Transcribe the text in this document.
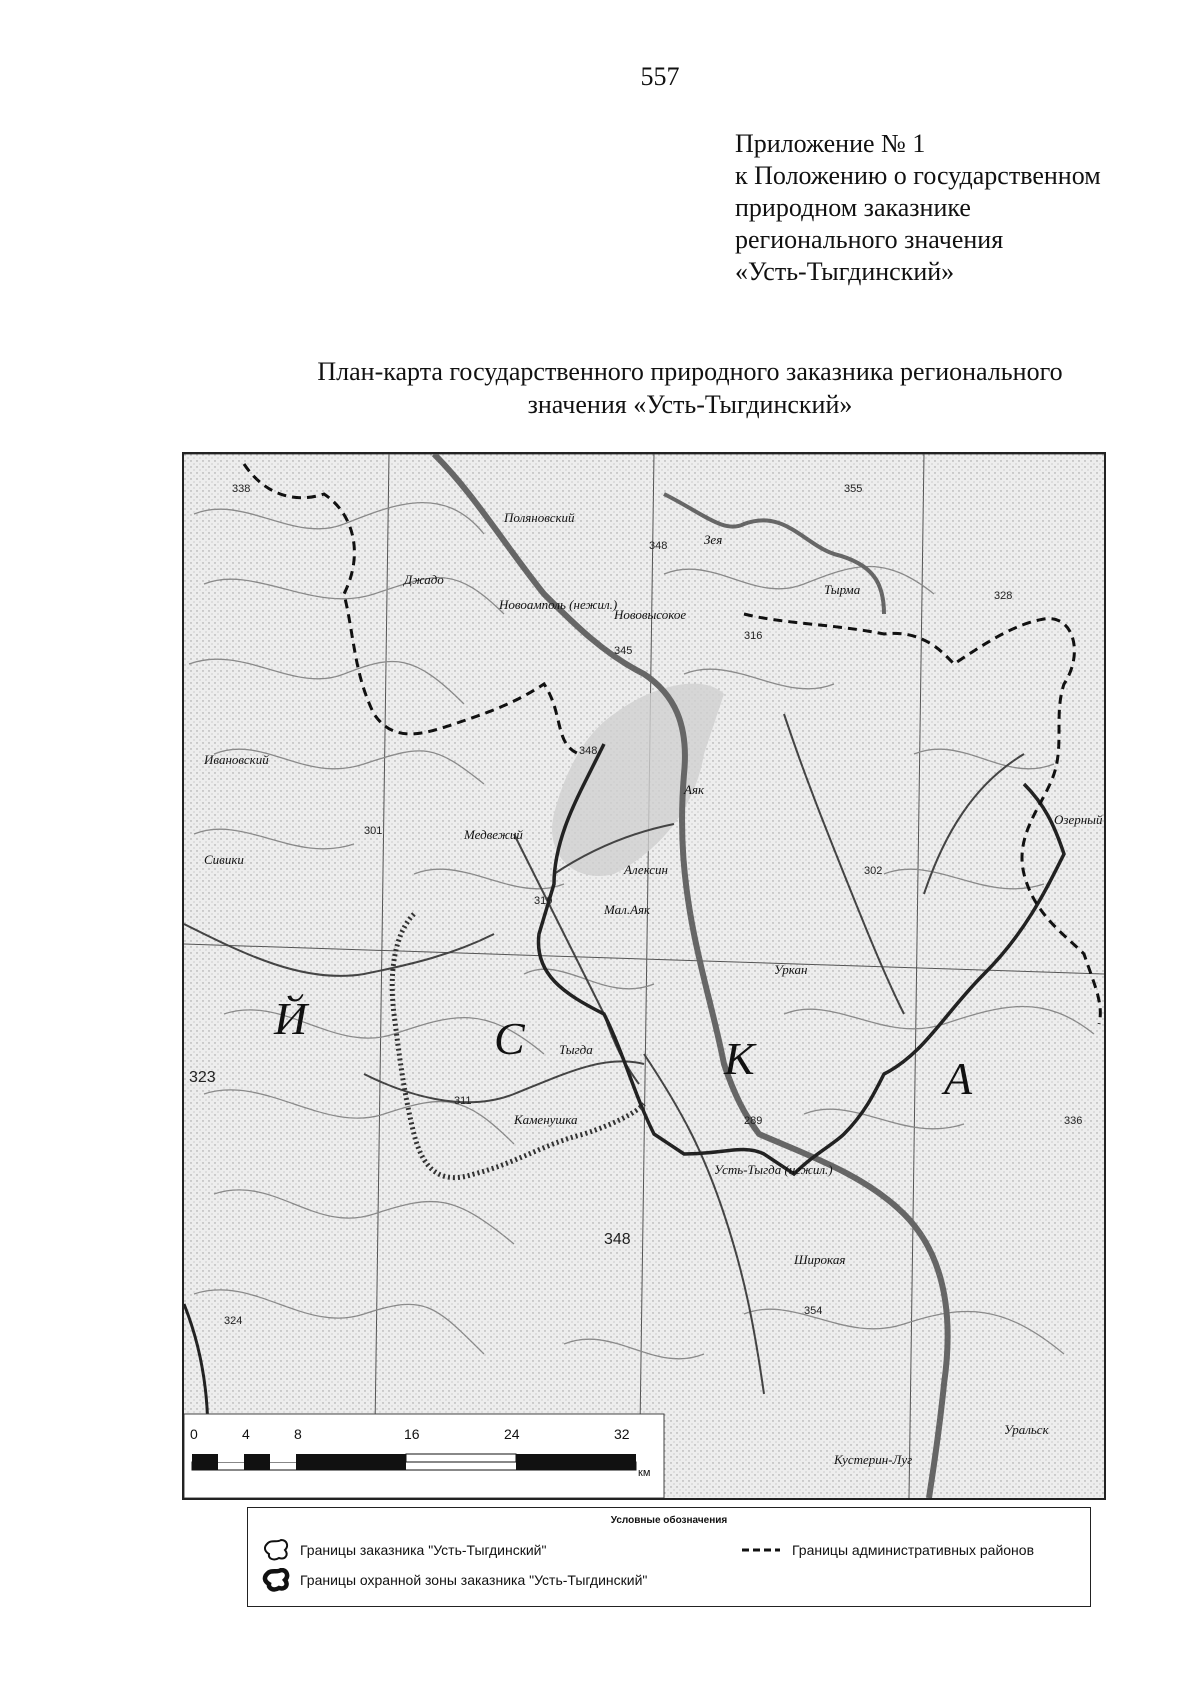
557
Приложение № 1
к Положению о государственном
природном заказнике
регионального значения
«Усть-Тыгдинский»
План-карта государственного природного заказника регионального
значения «Усть-Тыгдинский»
Поляновский
Нововысокое
Новоамполь (нежил.)
Алексин
Усть-Тыгда (нежил.)
Кустерин-Луг
Уральск
Озерный
Сивики
Ивановский
Джадо
Тыгда
Мал.Аяк
Медвежий
Каменушка
Широкая
Аяк
Уркан
Зея
Тырма
338	355
348
328
316
345
348
301
310
302
311
323
289	336
348
354
324
Й	С	К	А
0	4	8	16	24	32
км
Условные обозначения
Границы заказника "Усть-Тыгдинский"
Границы охранной зоны заказника "Усть-Тыгдинский"
Границы административных районов
